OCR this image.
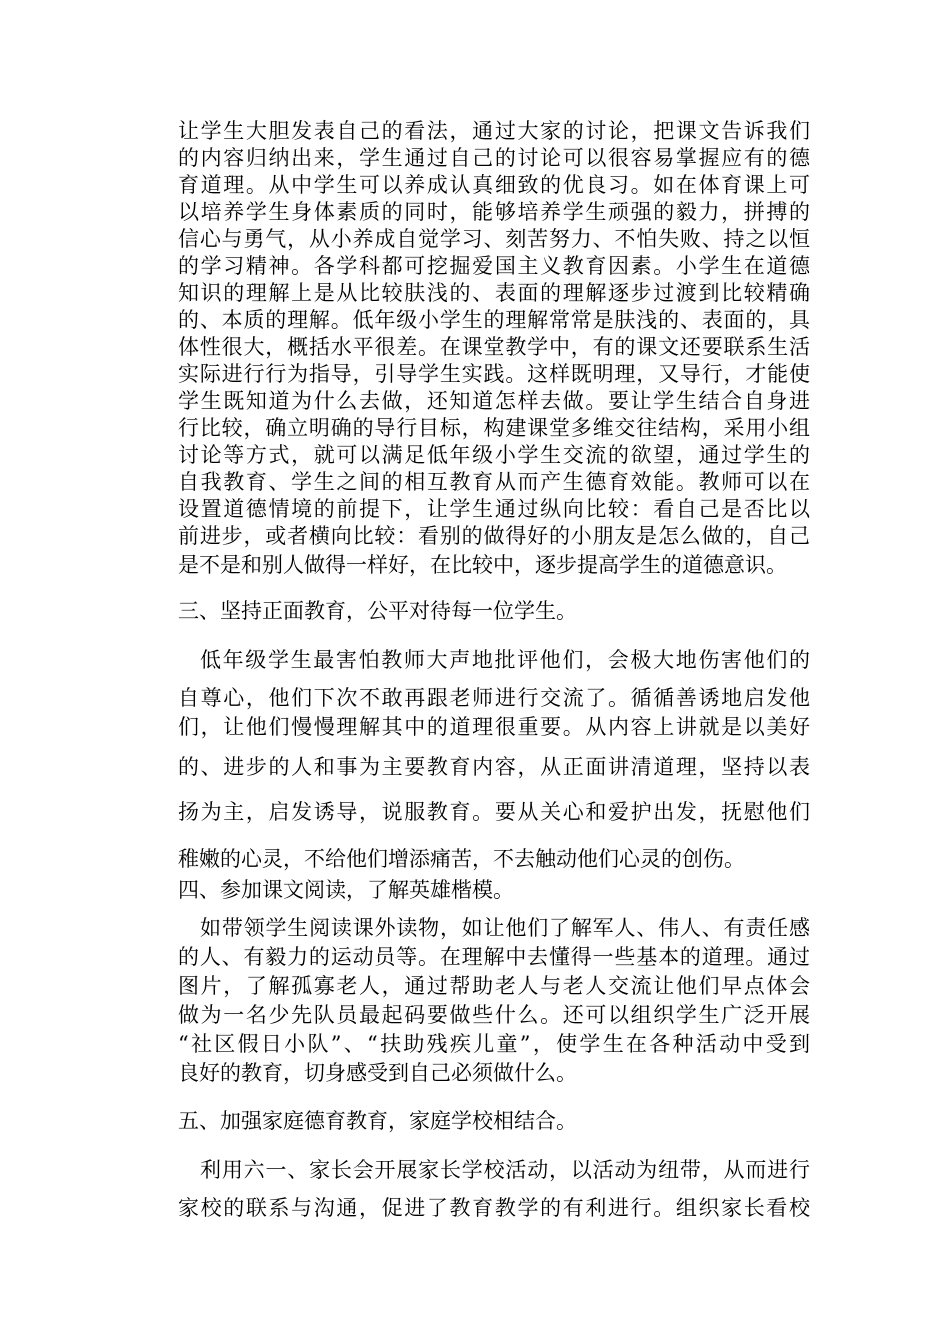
让学生大胆发表自己的看法，通过大家的讨论，把课文告诉我们
的内容归纳出来，学生通过自己的讨论可以很容易掌握应有的德
育道理。从中学生可以养成认真细致的优良习。如在体育课上可
以培养学生身体素质的同时，能够培养学生顽强的毅力，拼搏的
信心与勇气，从小养成自觉学习、刻苦努力、不怕失败、持之以恒
的学习精神。各学科都可挖掘爱国主义教育因素。小学生在道德
知识的理解上是从比较肤浅的、表面的理解逐步过渡到比较精确
的、本质的理解。低年级小学生的理解常常是肤浅的、表面的，具
体性很大，概括水平很差。在课堂教学中，有的课文还要联系生活
实际进行行为指导，引导学生实践。这样既明理，又导行，才能使
学生既知道为什么去做，还知道怎样去做。要让学生结合自身进
行比较，确立明确的导行目标，构建课堂多维交往结构，采用小组
讨论等方式，就可以满足低年级小学生交流的欲望，通过学生的
自我教育、学生之间的相互教育从而产生德育效能。教师可以在
设置道德情境的前提下，让学生通过纵向比较：看自己是否比以
前进步，或者横向比较：看别的做得好的小朋友是怎么做的，自己
是不是和别人做得一样好，在比较中，逐步提高学生的道德意识。
三、坚持正面教育，公平对待每一位学生。
低年级学生最害怕教师大声地批评他们，会极大地伤害他们的
自尊心，他们下次不敢再跟老师进行交流了。循循善诱地启发他
们，让他们慢慢理解其中的道理很重要。从内容上讲就是以美好
的、进步的人和事为主要教育内容，从正面讲清道理，坚持以表
扬为主，启发诱导，说服教育。要从关心和爱护出发，抚慰他们
稚嫩的心灵，不给他们增添痛苦，不去触动他们心灵的创伤。
四、参加课文阅读，了解英雄楷模。
如带领学生阅读课外读物，如让他们了解军人、伟人、有责任感
的人、有毅力的运动员等。在理解中去懂得一些基本的道理。通过
图片，了解孤寡老人，通过帮助老人与老人交流让他们早点体会
做为一名少先队员最起码要做些什么。还可以组织学生广泛开展
“社区假日小队”、“扶助残疾儿童”，使学生在各种活动中受到
良好的教育，切身感受到自己必须做什么。
五、加强家庭德育教育，家庭学校相结合。
利用六一、家长会开展家长学校活动，以活动为纽带，从而进行
家校的联系与沟通，促进了教育教学的有利进行。组织家长看校
